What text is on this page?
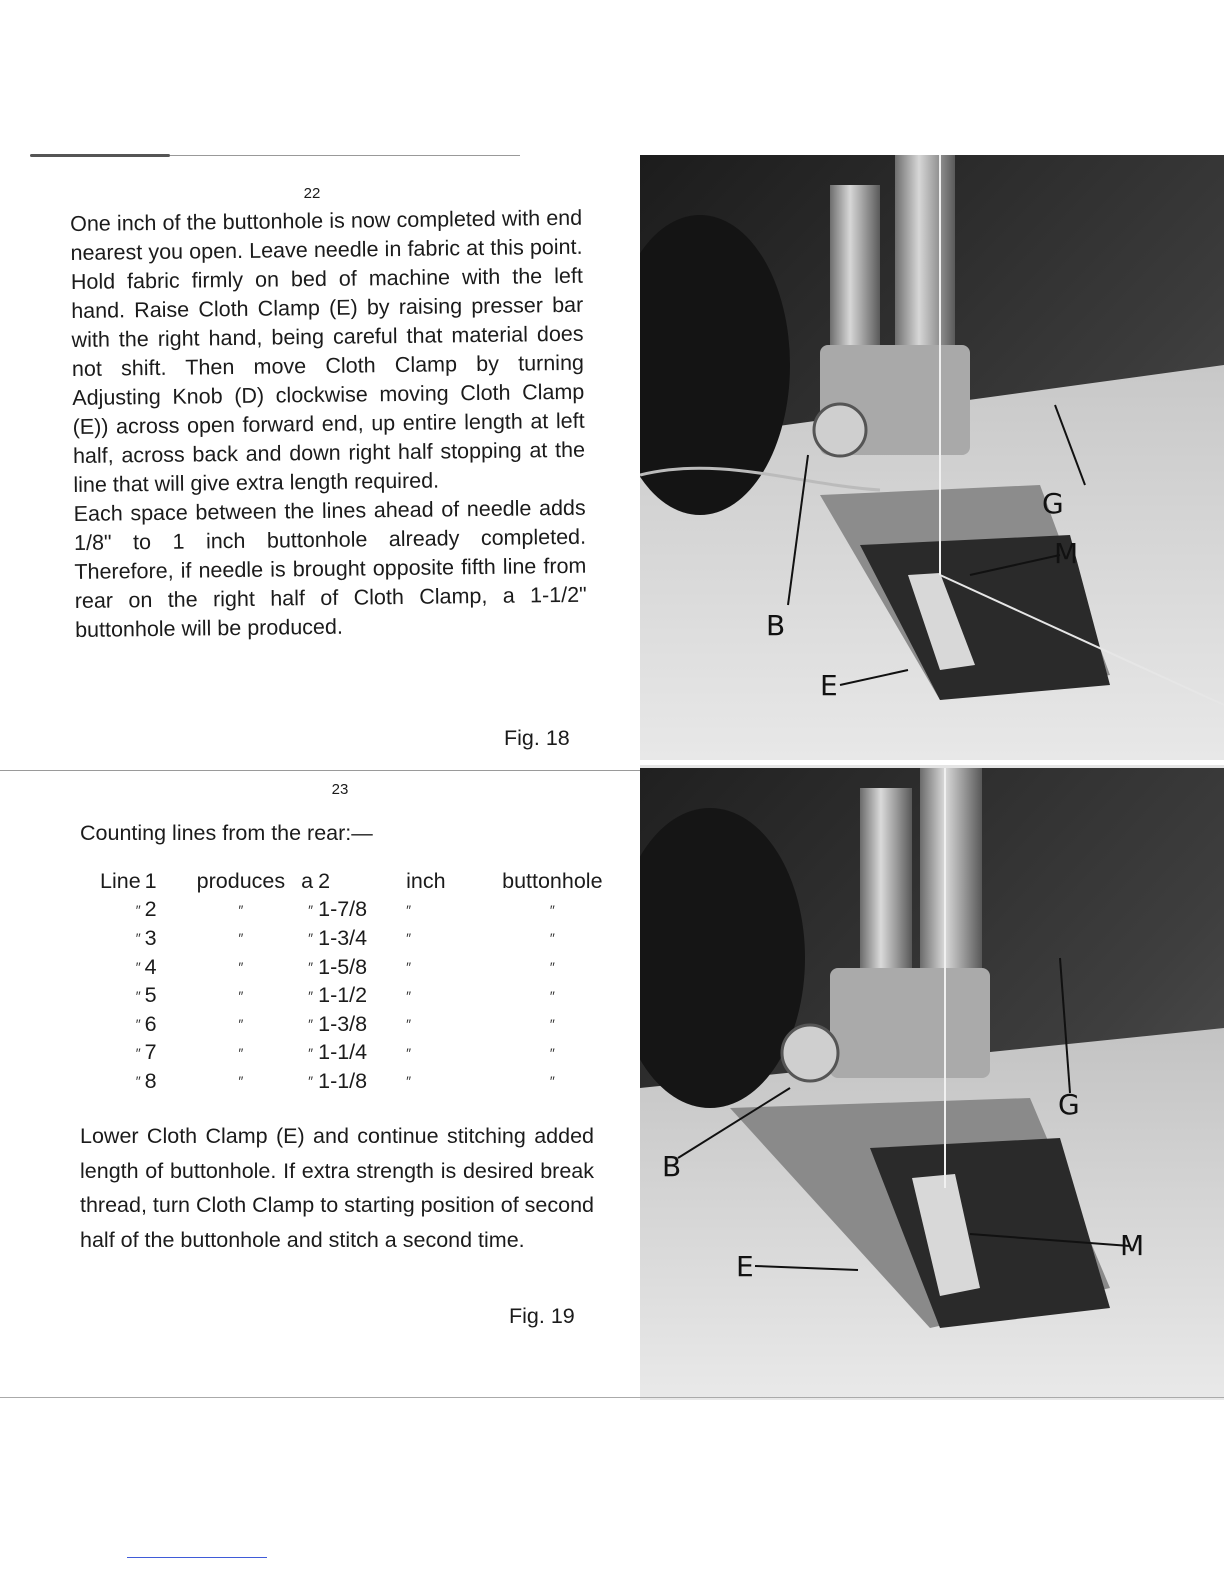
22
One inch of the buttonhole is now completed with end nearest you open. Leave needle in fabric at this point. Hold fabric firmly on bed of machine with the left hand. Raise Cloth Clamp (E) by raising presser bar with the right hand, being careful that material does not shift. Then move Cloth Clamp by turning Adjusting Knob (D) clockwise moving Cloth Clamp (E)) across open forward end, up entire length at left half, across back and down right half stopping at the line that will give extra length required.
Each space between the lines ahead of needle adds 1/8" to 1 inch buttonhole already completed. Therefore, if needle is brought opposite fifth line from rear on the right half of Cloth Clamp, a 1-1/2" buttonhole will be produced.
Fig. 18
B
E
G
M
23
Counting lines from the rear:—
Line	1	produces	a	2	inch	buttonhole
″	2	″	″	1-7/8	″	″
″	3	″	″	1-3/4	″	″
″	4	″	″	1-5/8	″	″
″	5	″	″	1-1/2	″	″
″	6	″	″	1-3/8	″	″
″	7	″	″	1-1/4	″	″
″	8	″	″	1-1/8	″	″
Lower Cloth Clamp (E) and continue stitching added length of buttonhole. If extra strength is desired break thread, turn Cloth Clamp to starting position of second half of the buttonhole and stitch a second time.
Fig. 19
B
E
G
M
